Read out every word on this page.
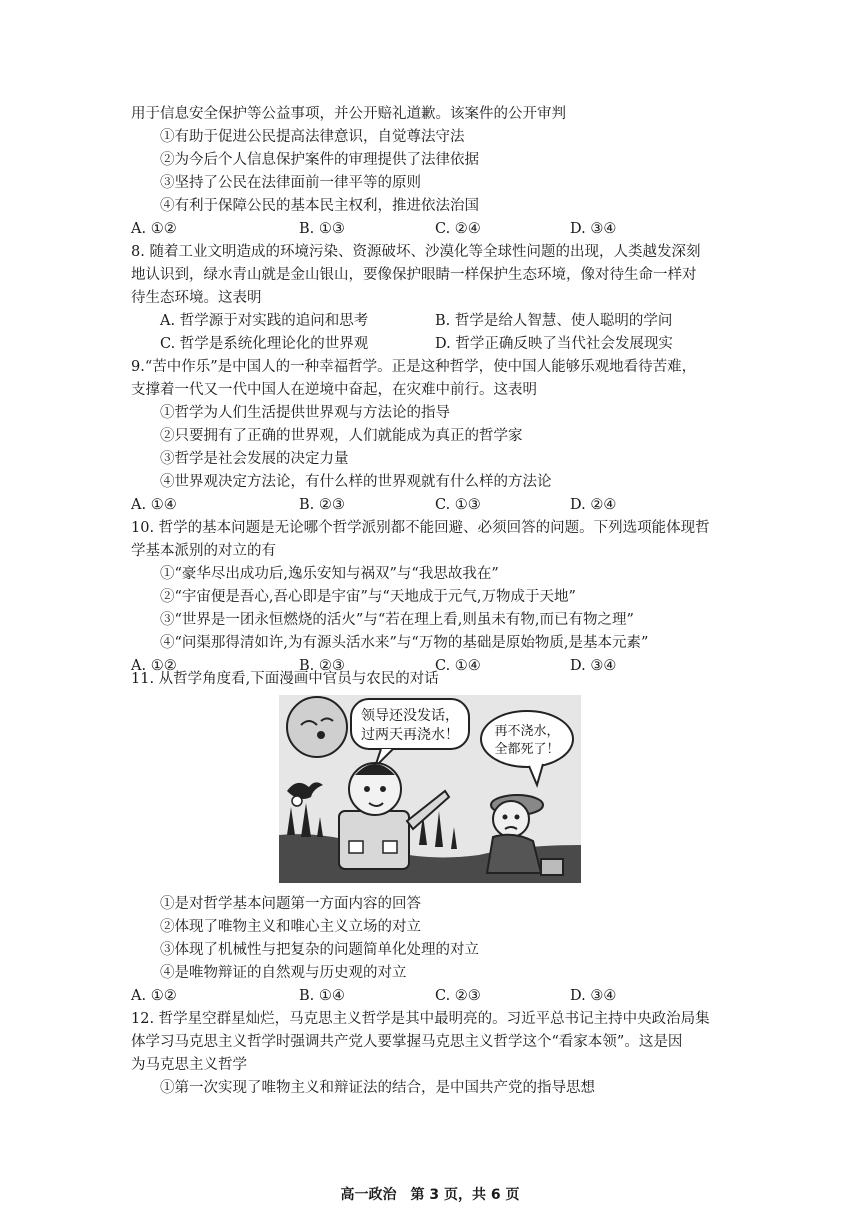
用于信息安全保护等公益事项，并公开赔礼道歉。该案件的公开审判
①有助于促进公民提高法律意识，自觉尊法守法
②为今后个人信息保护案件的审理提供了法律依据
③坚持了公民在法律面前一律平等的原则
④有利于保障公民的基本民主权利，推进依法治国
A. ①②	B. ①③	C. ②④	D. ③④
8. 随着工业文明造成的环境污染、资源破坏、沙漠化等全球性问题的出现，人类越发深刻
地认识到，绿水青山就是金山银山，要像保护眼睛一样保护生态环境，像对待生命一样对
待生态环境。这表明
A. 哲学源于对实践的追问和思考	B. 哲学是给人智慧、使人聪明的学问
C. 哲学是系统化理论化的世界观	D. 哲学正确反映了当代社会发展现实
9.“苦中作乐”是中国人的一种幸福哲学。正是这种哲学，使中国人能够乐观地看待苦难，
支撑着一代又一代中国人在逆境中奋起，在灾难中前行。这表明
①哲学为人们生活提供世界观与方法论的指导
②只要拥有了正确的世界观，人们就能成为真正的哲学家
③哲学是社会发展的决定力量
④世界观决定方法论，有什么样的世界观就有什么样的方法论
A. ①④	B. ②③	C. ①③	D. ②④
10. 哲学的基本问题是无论哪个哲学派别都不能回避、必须回答的问题。下列选项能体现哲
学基本派别的对立的有
①“豪华尽出成功后,逸乐安知与祸双”与“我思故我在”
②“宇宙便是吾心,吾心即是宇宙”与“天地成于元气,万物成于天地”
③“世界是一团永恒燃烧的活火”与“若在理上看,则虽未有物,而已有物之理”
④“问渠那得清如许,为有源头活水来”与“万物的基础是原始物质,是基本元素”
A. ①②	B. ②③	C. ①④	D. ③④
11. 从哲学角度看,下面漫画中官员与农民的对话
领导还没发话，
过两天再浇水！	再不浇水，
全都死了！
①是对哲学基本问题第一方面内容的回答
②体现了唯物主义和唯心主义立场的对立
③体现了机械性与把复杂的问题简单化处理的对立
④是唯物辩证的自然观与历史观的对立
A. ①②	B. ①④	C. ②③	D. ③④
12. 哲学星空群星灿烂，马克思主义哲学是其中最明亮的。习近平总书记主持中央政治局集
体学习马克思主义哲学时强调共产党人要掌握马克思主义哲学这个“看家本领”。这是因
为马克思主义哲学
①第一次实现了唯物主义和辩证法的结合，是中国共产党的指导思想
高一政治　第 3 页，共 6 页
